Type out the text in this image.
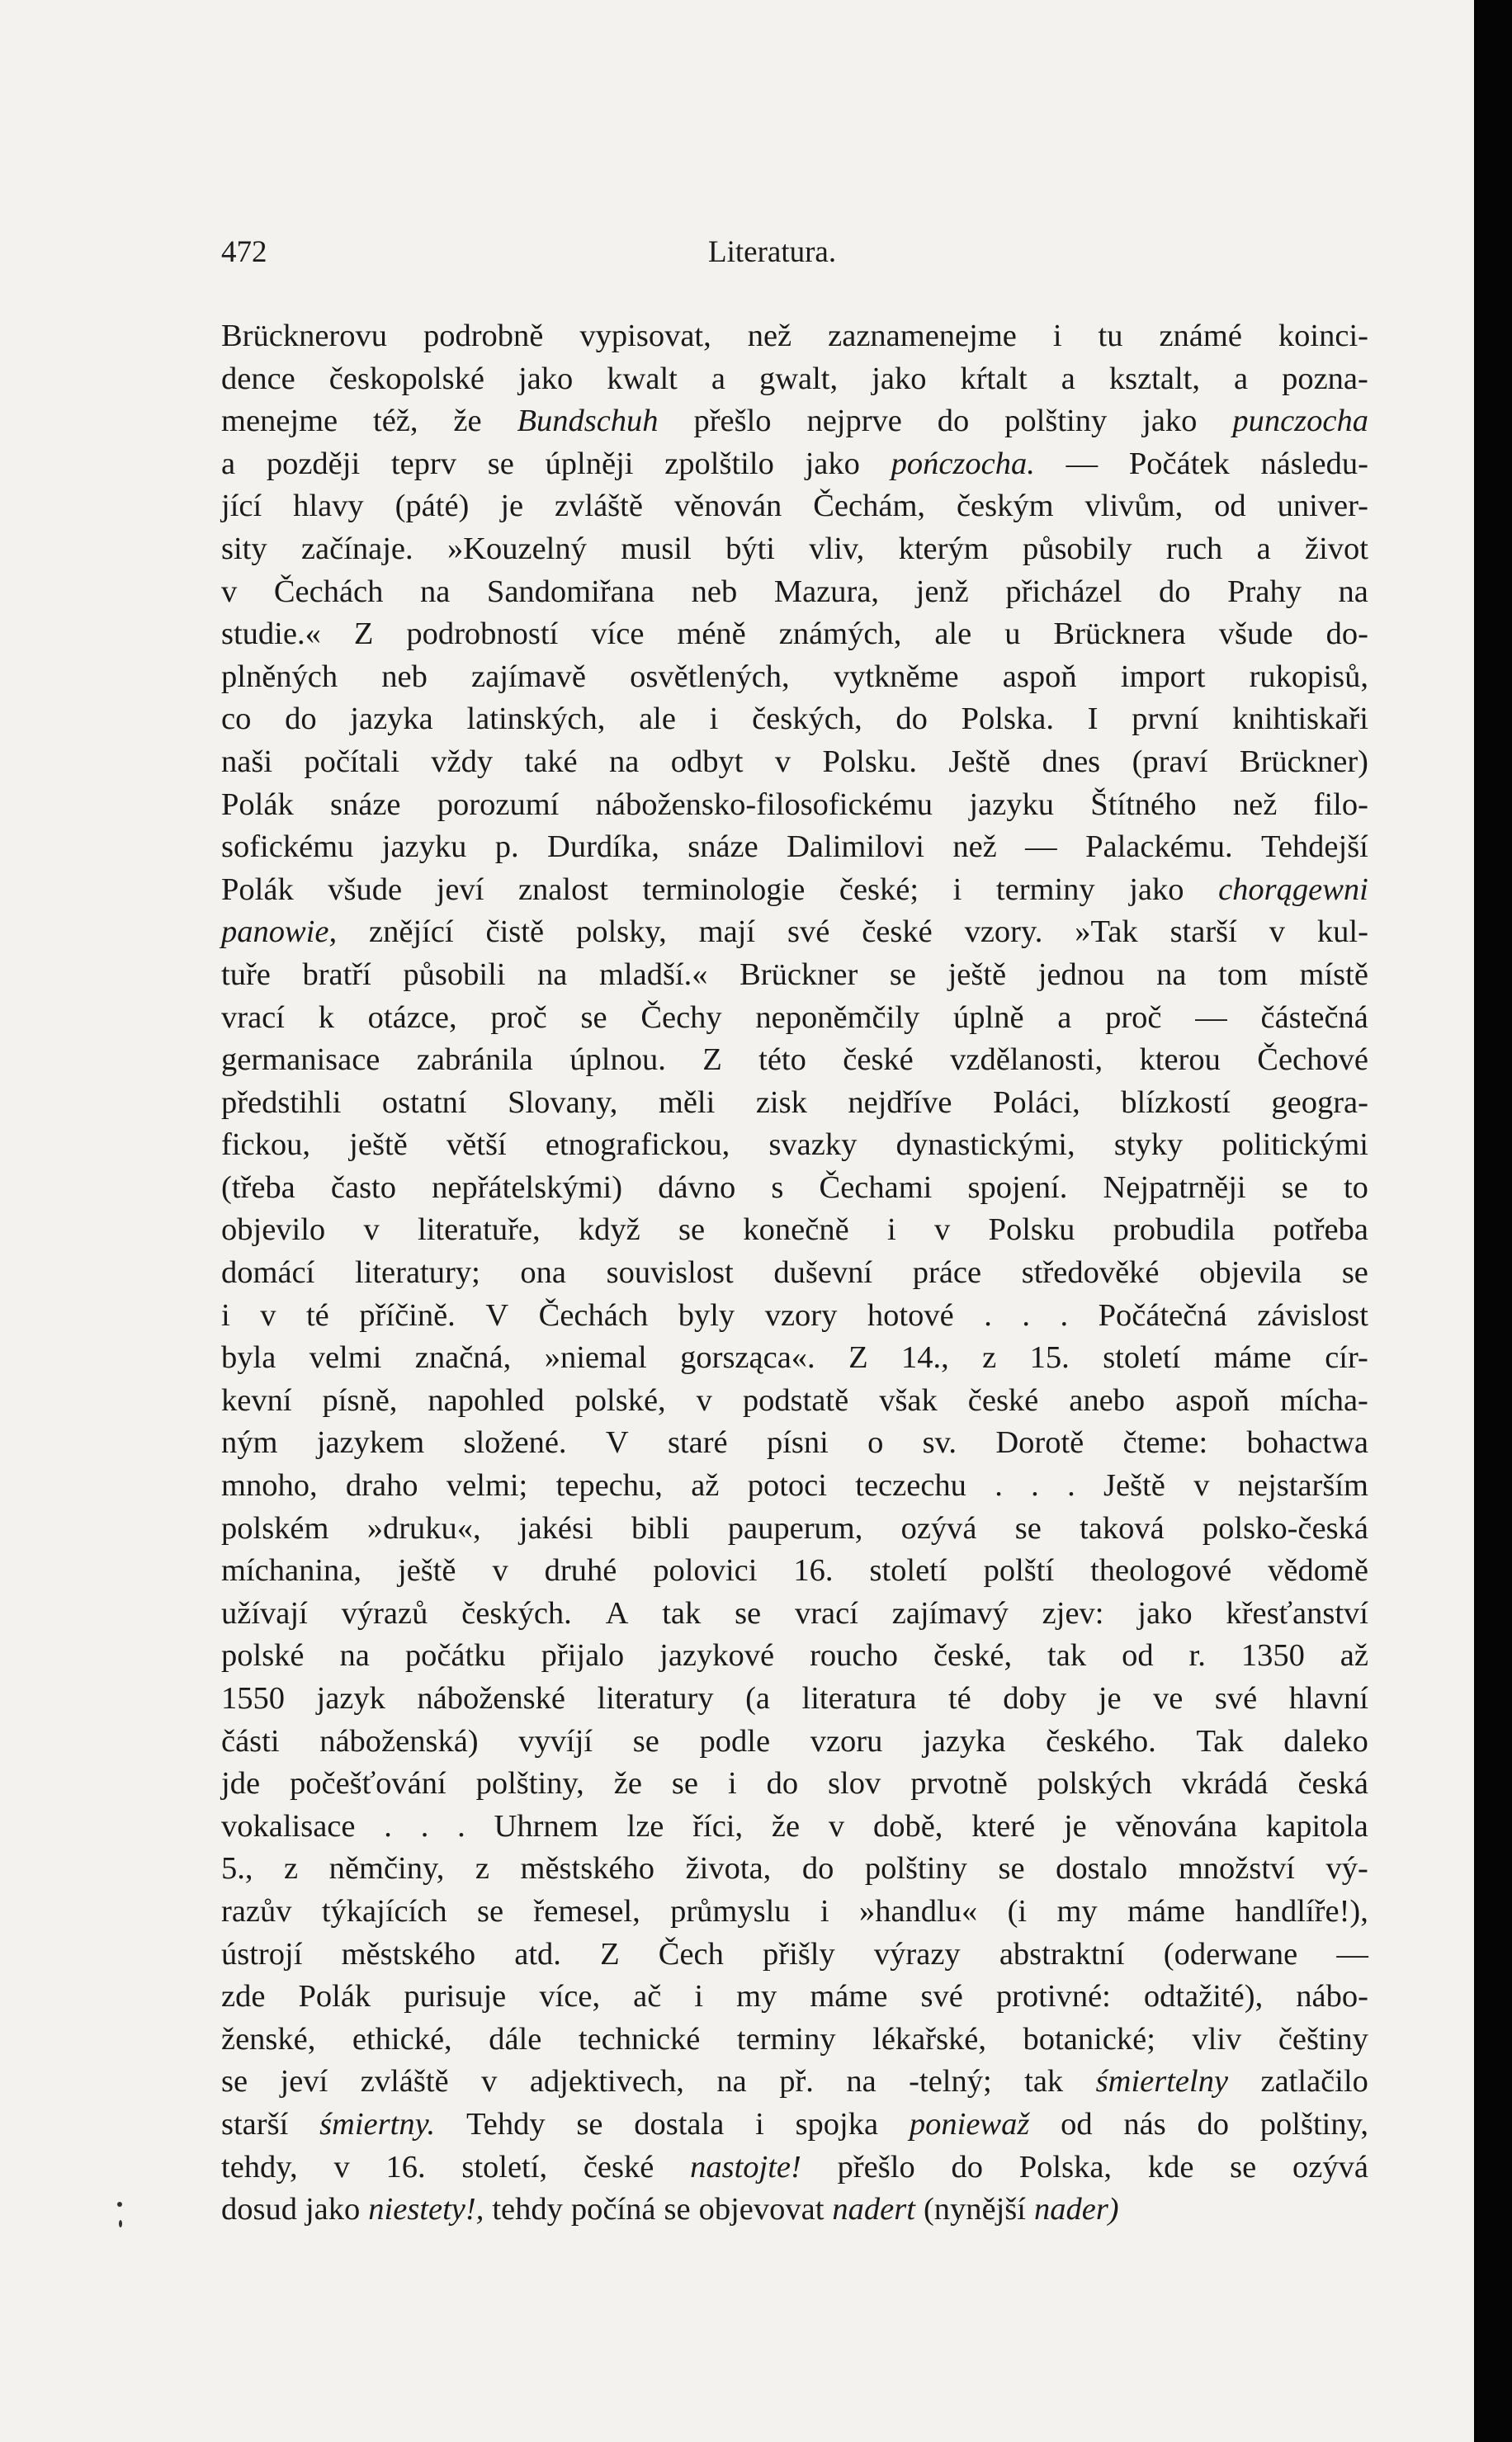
472	Literatura.
Brücknerovu podrobně vypisovat, než zaznamenejme i tu známé koinci-
dence českopolské jako kwalt a gwalt, jako kŕtalt a ksztalt, a pozna-
menejme též, že Bundschuh přešlo nejprve do polštiny jako punczocha
a později teprv se úplněji zpolštilo jako pończocha. — Počátek následu-
jící hlavy (páté) je zvláště věnován Čechám, českým vlivům, od univer-
sity začínaje. »Kouzelný musil býti vliv, kterým působily ruch a život
v Čechách na Sandomiřana neb Mazura, jenž přicházel do Prahy na
studie.« Z podrobností více méně známých, ale u Brücknera všude do-
plněných neb zajímavě osvětlených, vytkněme aspoň import rukopisů,
co do jazyka latinských, ale i českých, do Polska. I první knihtiskaři
naši počítali vždy také na odbyt v Polsku. Ještě dnes (praví Brückner)
Polák snáze porozumí nábožensko-filosofickému jazyku Štítného než filo-
sofickému jazyku p. Durdíka, snáze Dalimilovi než — Palackému. Tehdejší
Polák všude jeví znalost terminologie české; i terminy jako chorągewni
panowie, znějící čistě polsky, mají své české vzory. »Tak starší v kul-
tuře bratří působili na mladší.« Brückner se ještě jednou na tom místě
vrací k otázce, proč se Čechy neponěmčily úplně a proč — částečná
germanisace zabránila úplnou. Z této české vzdělanosti, kterou Čechové
předstihli ostatní Slovany, měli zisk nejdříve Poláci, blízkostí geogra-
fickou, ještě větší etnografickou, svazky dynastickými, styky politickými
(třeba často nepřátelskými) dávno s Čechami spojení. Nejpatrněji se to
objevilo v literatuře, když se konečně i v Polsku probudila potřeba
domácí literatury; ona souvislost duševní práce středověké objevila se
i v té příčině. V Čechách byly vzory hotové . . . Počátečná závislost
byla velmi značná, »niemal gorsząca«. Z 14., z 15. století máme cír-
kevní písně, napohled polské, v podstatě však české anebo aspoň mícha-
ným jazykem složené. V staré písni o sv. Dorotě čteme: bohactwa
mnoho, draho velmi; tepechu, až potoci teczechu . . . Ještě v nejstarším
polském »druku«, jakési bibli pauperum, ozývá se taková polsko-česká
míchanina, ještě v druhé polovici 16. století polští theologové vědomě
užívají výrazů českých. A tak se vrací zajímavý zjev: jako křesťanství
polské na počátku přijalo jazykové roucho české, tak od r. 1350 až
1550 jazyk náboženské literatury (a literatura té doby je ve své hlavní
části náboženská) vyvíjí se podle vzoru jazyka českého. Tak daleko
jde počešťování polštiny, že se i do slov prvotně polských vkrádá česká
vokalisace . . . Uhrnem lze říci, že v době, které je věnována kapitola
5., z němčiny, z městského života, do polštiny se dostalo množství vý-
razův týkajících se řemesel, průmyslu i »handlu« (i my máme handlíře!),
ústrojí městského atd. Z Čech přišly výrazy abstraktní (oderwane —
zde Polák purisuje více, ač i my máme své protivné: odtažité), nábo-
ženské, ethické, dále technické terminy lékařské, botanické; vliv češtiny
se jeví zvláště v adjektivech, na př. na -telný; tak śmiertelny zatlačilo
starší śmiertny. Tehdy se dostala i spojka poniewaž od nás do polštiny,
tehdy, v 16. století, české nastojte! přešlo do Polska, kde se ozývá
dosud jako niestety!, tehdy počíná se objevovat nadert (nynější nader)
